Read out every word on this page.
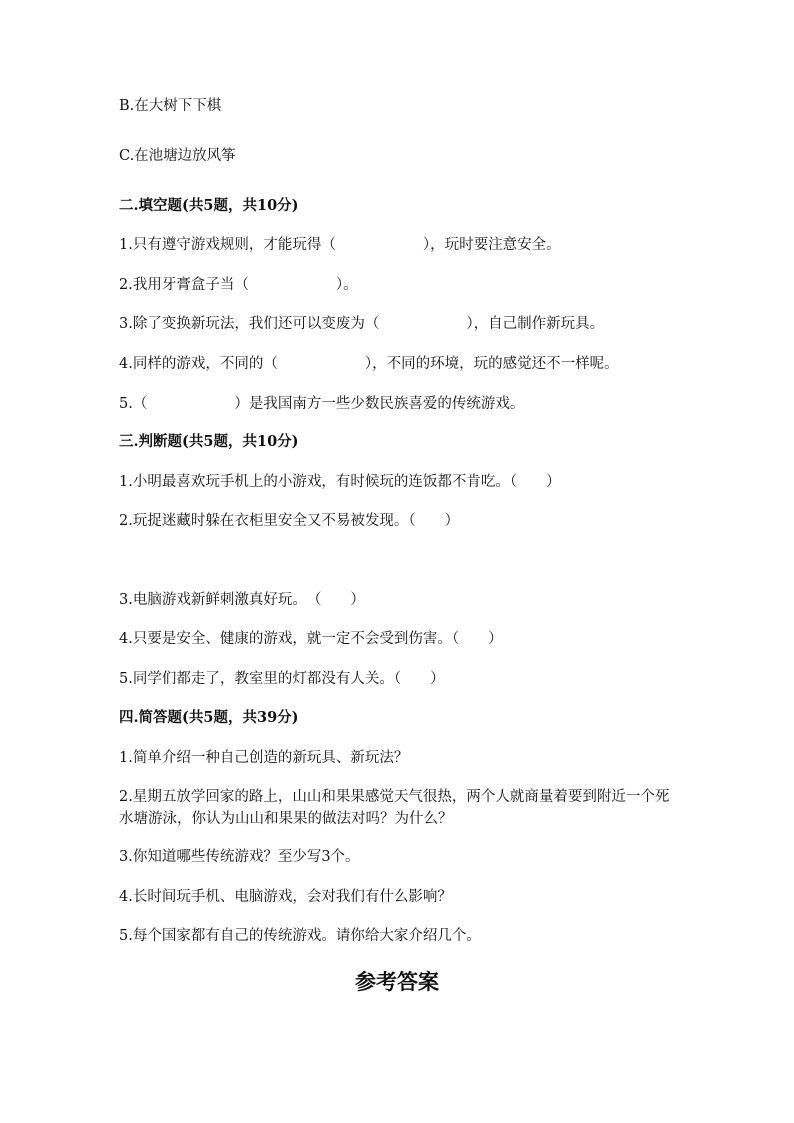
B.在大树下下棋
C.在池塘边放风筝
二.填空题(共5题，共10分)
1.只有遵守游戏规则，才能玩得（　　　　　　），玩时要注意安全。
2.我用牙膏盒子当（　　　　　　）。
3.除了变换新玩法，我们还可以变废为（　　　　　　），自己制作新玩具。
4.同样的游戏，不同的（　　　　　　），不同的环境，玩的感觉还不一样呢。
5.（　　　　　　）是我国南方一些少数民族喜爱的传统游戏。
三.判断题(共5题，共10分)
1.小明最喜欢玩手机上的小游戏，有时候玩的连饭都不肯吃。（　　）
2.玩捉迷藏时躲在衣柜里安全又不易被发现。（　　）
3.电脑游戏新鲜刺激真好玩。　（　　）
4.只要是安全、健康的游戏，就一定不会受到伤害。（　　）
5.同学们都走了，教室里的灯都没有人关。（　　）
四.简答题(共5题，共39分)
1.简单介绍一种自己创造的新玩具、新玩法？
2.星期五放学回家的路上，山山和果果感觉天气很热，两个人就商量着要到附近一个死水塘游泳，你认为山山和果果的做法对吗？为什么？
3.你知道哪些传统游戏？至少写3个。
4.长时间玩手机、电脑游戏，会对我们有什么影响？
5.每个国家都有自己的传统游戏。请你给大家介绍几个。
参考答案
